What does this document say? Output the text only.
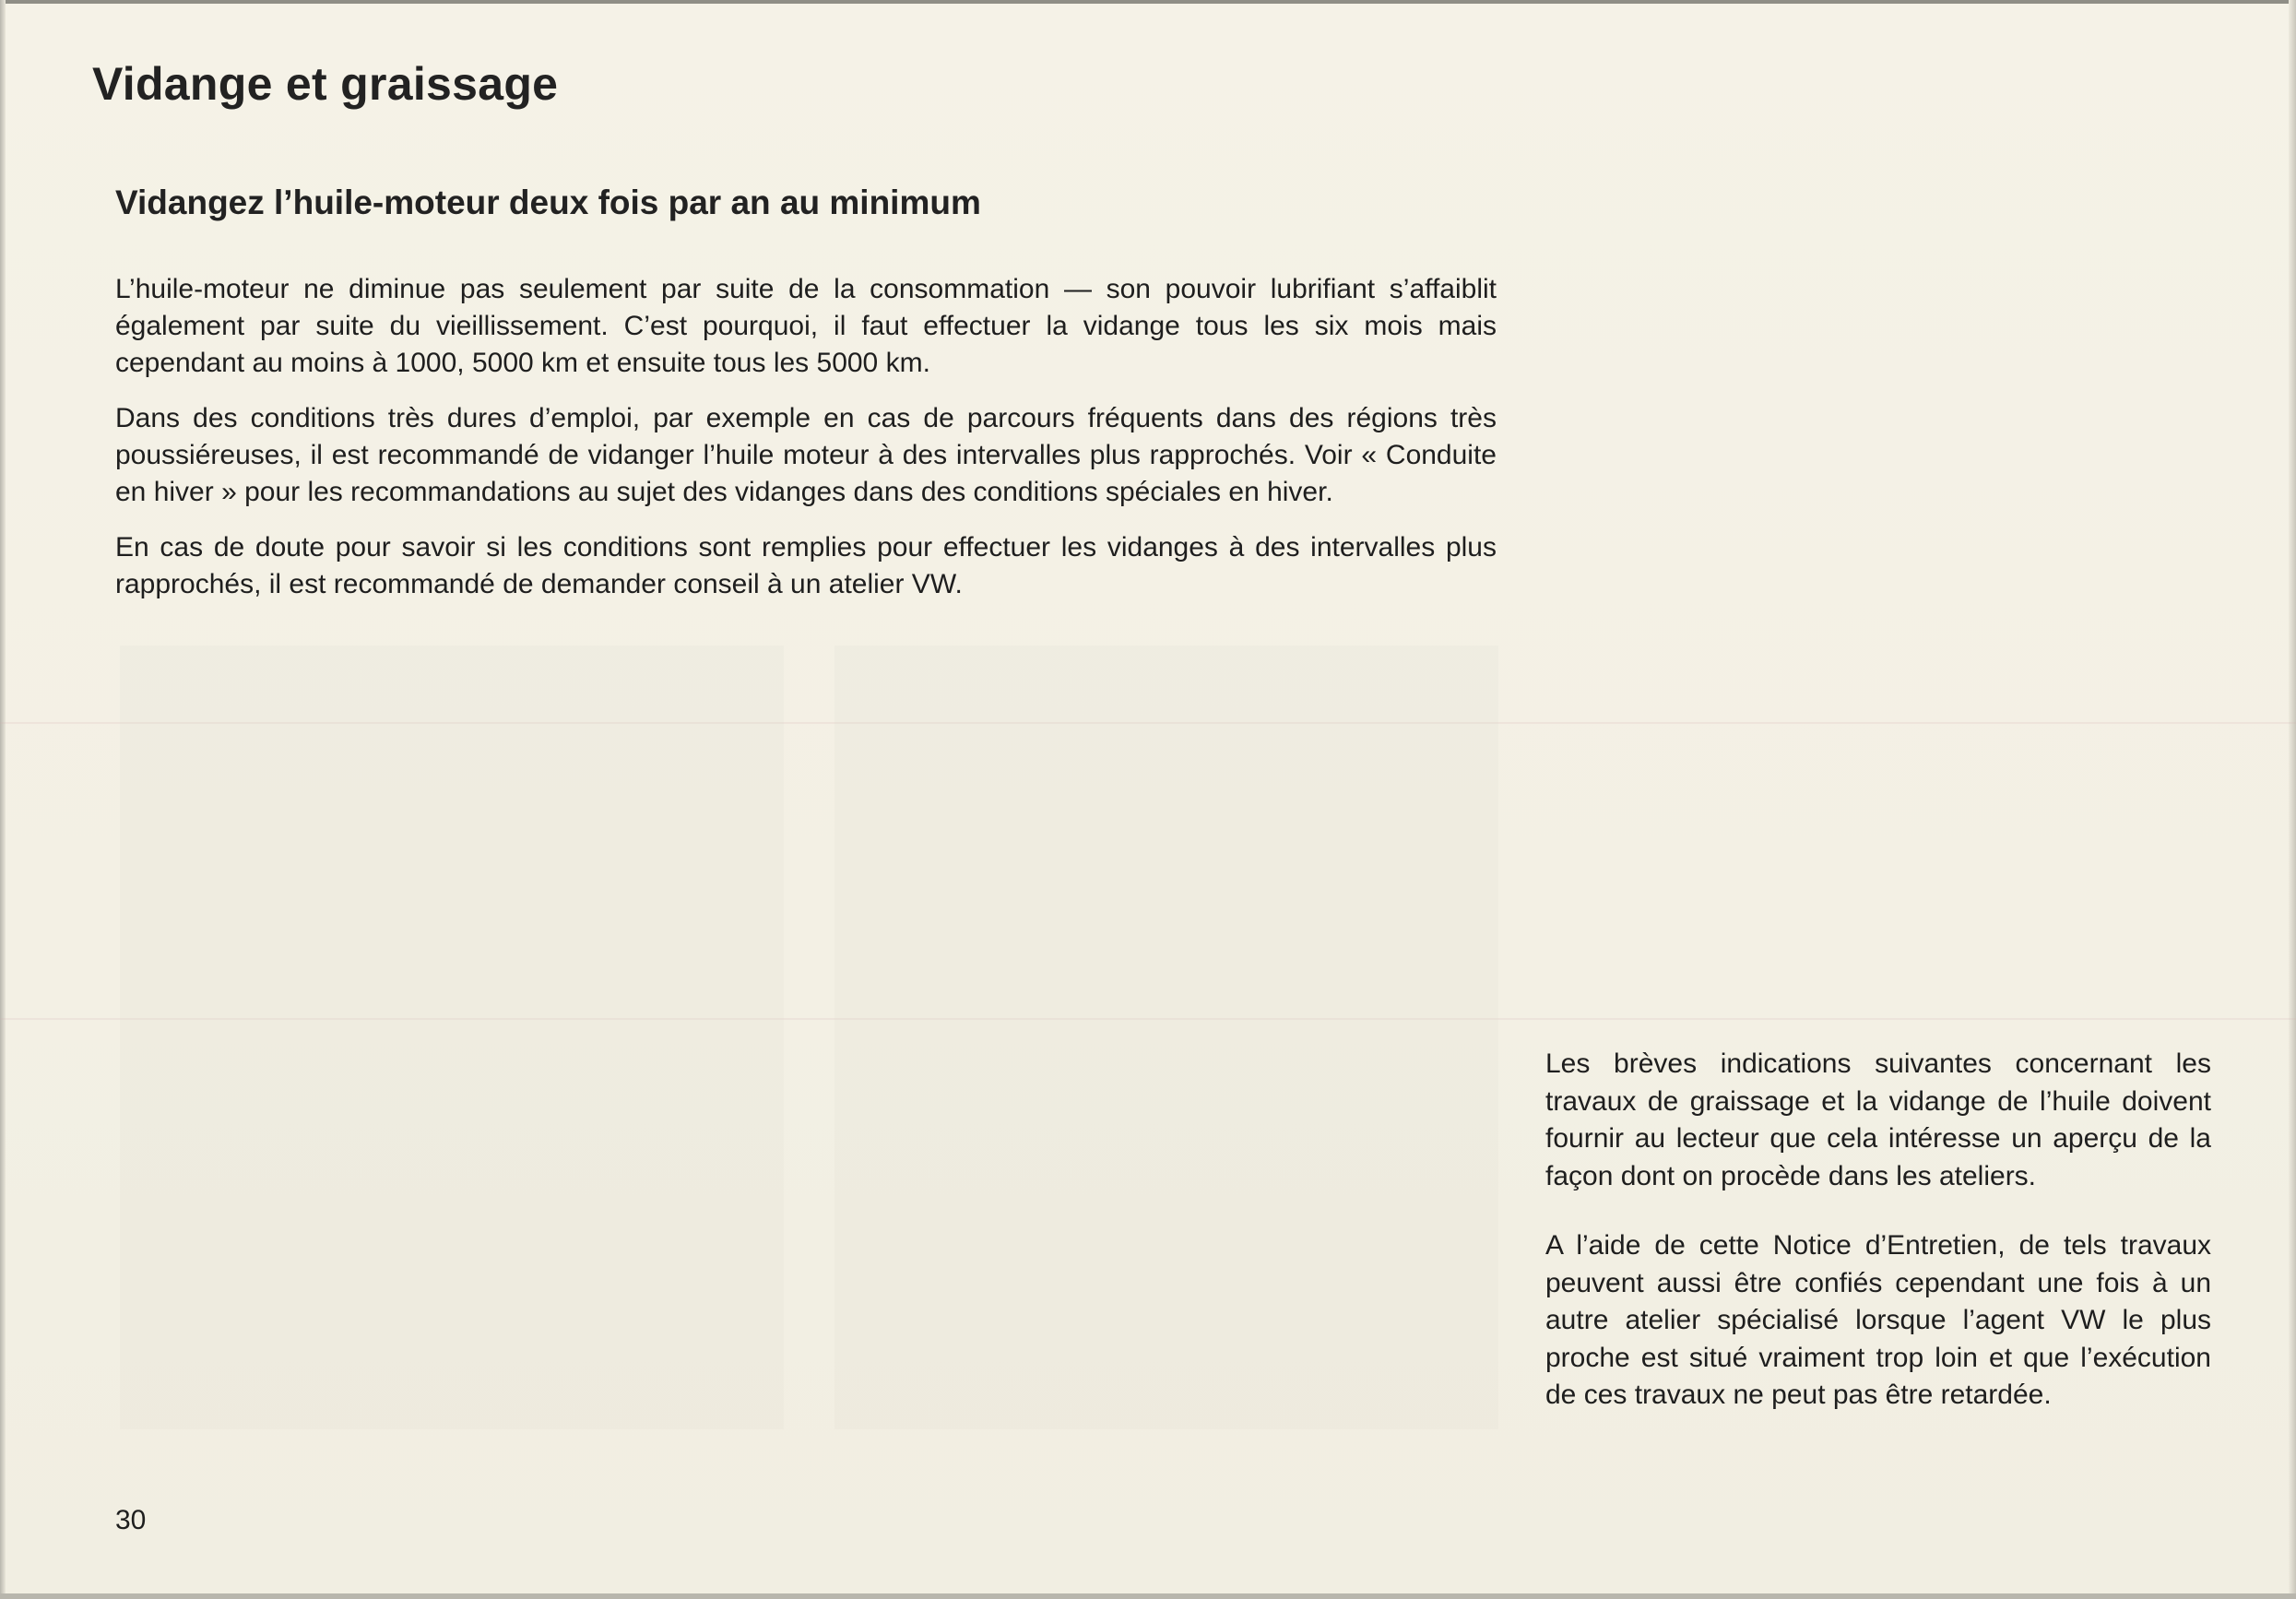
Vidange et graissage
Vidangez l’huile-moteur deux fois par an au minimum

L’huile-moteur ne diminue pas seulement par suite de la consommation — son pouvoir lubrifiant s’affaiblit également par suite du vieillissement. C’est pourquoi, il faut effectuer la vidange tous les six mois mais cependant au moins à 1000, 5000 km et ensuite tous les 5000 km.

Dans des conditions très dures d’emploi, par exemple en cas de parcours fréquents dans des régions très poussiéreuses, il est recommandé de vidanger l’huile moteur à des intervalles plus rapprochés. Voir « Conduite en hiver » pour les recommandations au sujet des vidanges dans des conditions spéciales en hiver.

En cas de doute pour savoir si les conditions sont remplies pour effectuer les vidanges à des intervalles plus rapprochés, il est recommandé de demander conseil à un atelier VW.

Les brèves indications suivantes concernant les travaux de graissage et la vidange de l’huile doivent fournir au lecteur que cela intéresse un aperçu de la façon dont on procède dans les ateliers.

A l’aide de cette Notice d’Entretien, de tels travaux peuvent aussi être confiés cependant une fois à un autre atelier spécialisé lorsque l’agent VW le plus proche est situé vraiment trop loin et que l’exécution de ces travaux ne peut pas être retardée.

30
